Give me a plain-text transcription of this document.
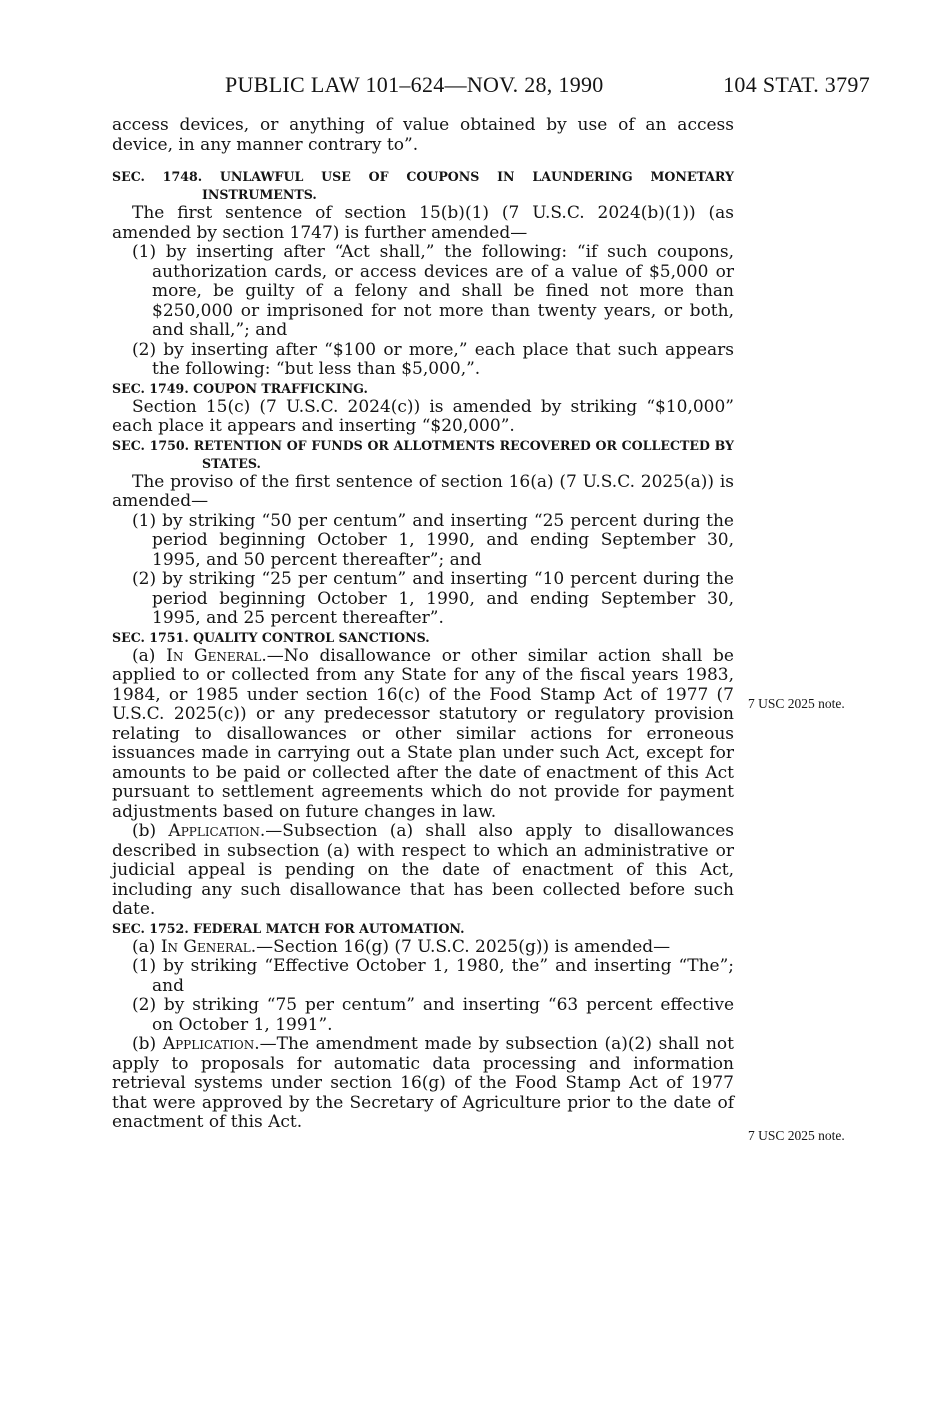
PUBLIC LAW 101–624—NOV. 28, 1990	104 STAT. 3797

access devices, or anything of value obtained by use of an access device, in any manner contrary to”.

SEC. 1748. UNLAWFUL USE OF COUPONS IN LAUNDERING MONETARY INSTRUMENTS.

The first sentence of section 15(b)(1) (7 U.S.C. 2024(b)(1)) (as amended by section 1747) is further amended—

(1) by inserting after “Act shall,” the following: “if such coupons, authorization cards, or access devices are of a value of $5,000 or more, be guilty of a felony and shall be fined not more than $250,000 or imprisoned for not more than twenty years, or both, and shall,”; and

(2) by inserting after “$100 or more,” each place that such appears the following: “but less than $5,000,”.

SEC. 1749. COUPON TRAFFICKING.

Section 15(c) (7 U.S.C. 2024(c)) is amended by striking “$10,000” each place it appears and inserting “$20,000”.

SEC. 1750. RETENTION OF FUNDS OR ALLOTMENTS RECOVERED OR COLLECTED BY STATES.

The proviso of the first sentence of section 16(a) (7 U.S.C. 2025(a)) is amended—

(1) by striking “50 per centum” and inserting “25 percent during the period beginning October 1, 1990, and ending September 30, 1995, and 50 percent thereafter”; and

(2) by striking “25 per centum” and inserting “10 percent during the period beginning October 1, 1990, and ending September 30, 1995, and 25 percent thereafter”.

SEC. 1751. QUALITY CONTROL SANCTIONS.

(a) In General.—No disallowance or other similar action shall be applied to or collected from any State for any of the fiscal years 1983, 1984, or 1985 under section 16(c) of the Food Stamp Act of 1977 (7 U.S.C. 2025(c)) or any predecessor statutory or regulatory provision relating to disallowances or other similar actions for erroneous issuances made in carrying out a State plan under such Act, except for amounts to be paid or collected after the date of enactment of this Act pursuant to settlement agreements which do not provide for payment adjustments based on future changes in law.

(b) Application.—Subsection (a) shall also apply to disallowances described in subsection (a) with respect to which an administrative or judicial appeal is pending on the date of enactment of this Act, including any such disallowance that has been collected before such date.

SEC. 1752. FEDERAL MATCH FOR AUTOMATION.

(a) In General.—Section 16(g) (7 U.S.C. 2025(g)) is amended—

(1) by striking “Effective October 1, 1980, the” and inserting “The”; and

(2) by striking “75 per centum” and inserting “63 percent effective on October 1, 1991”.

(b) Application.—The amendment made by subsection (a)(2) shall not apply to proposals for automatic data processing and information retrieval systems under section 16(g) of the Food Stamp Act of 1977 that were approved by the Secretary of Agriculture prior to the date of enactment of this Act.

7 USC 2025 note.
7 USC 2025 note.
